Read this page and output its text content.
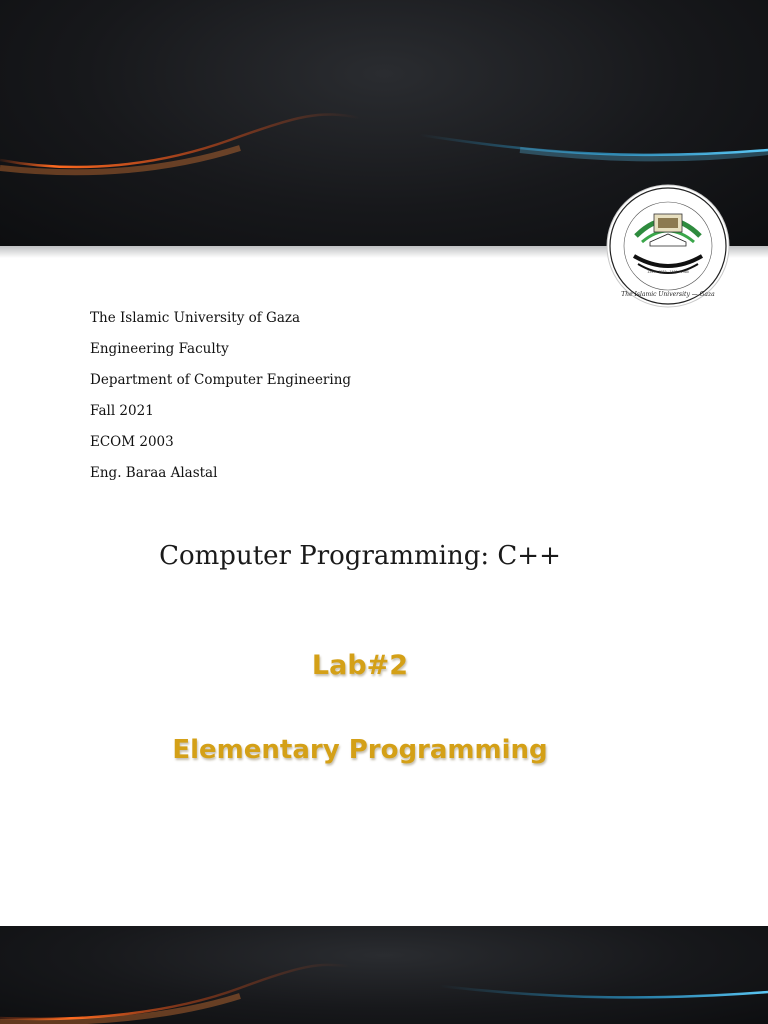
1399 - 1979 · 1400 - 1980
The Islamic University — Gaza
The Islamic University of Gaza
Engineering Faculty
Department of Computer Engineering
Fall 2021
ECOM 2003
Eng. Baraa Alastal
Computer Programming: C++
Lab#2
Elementary Programming
